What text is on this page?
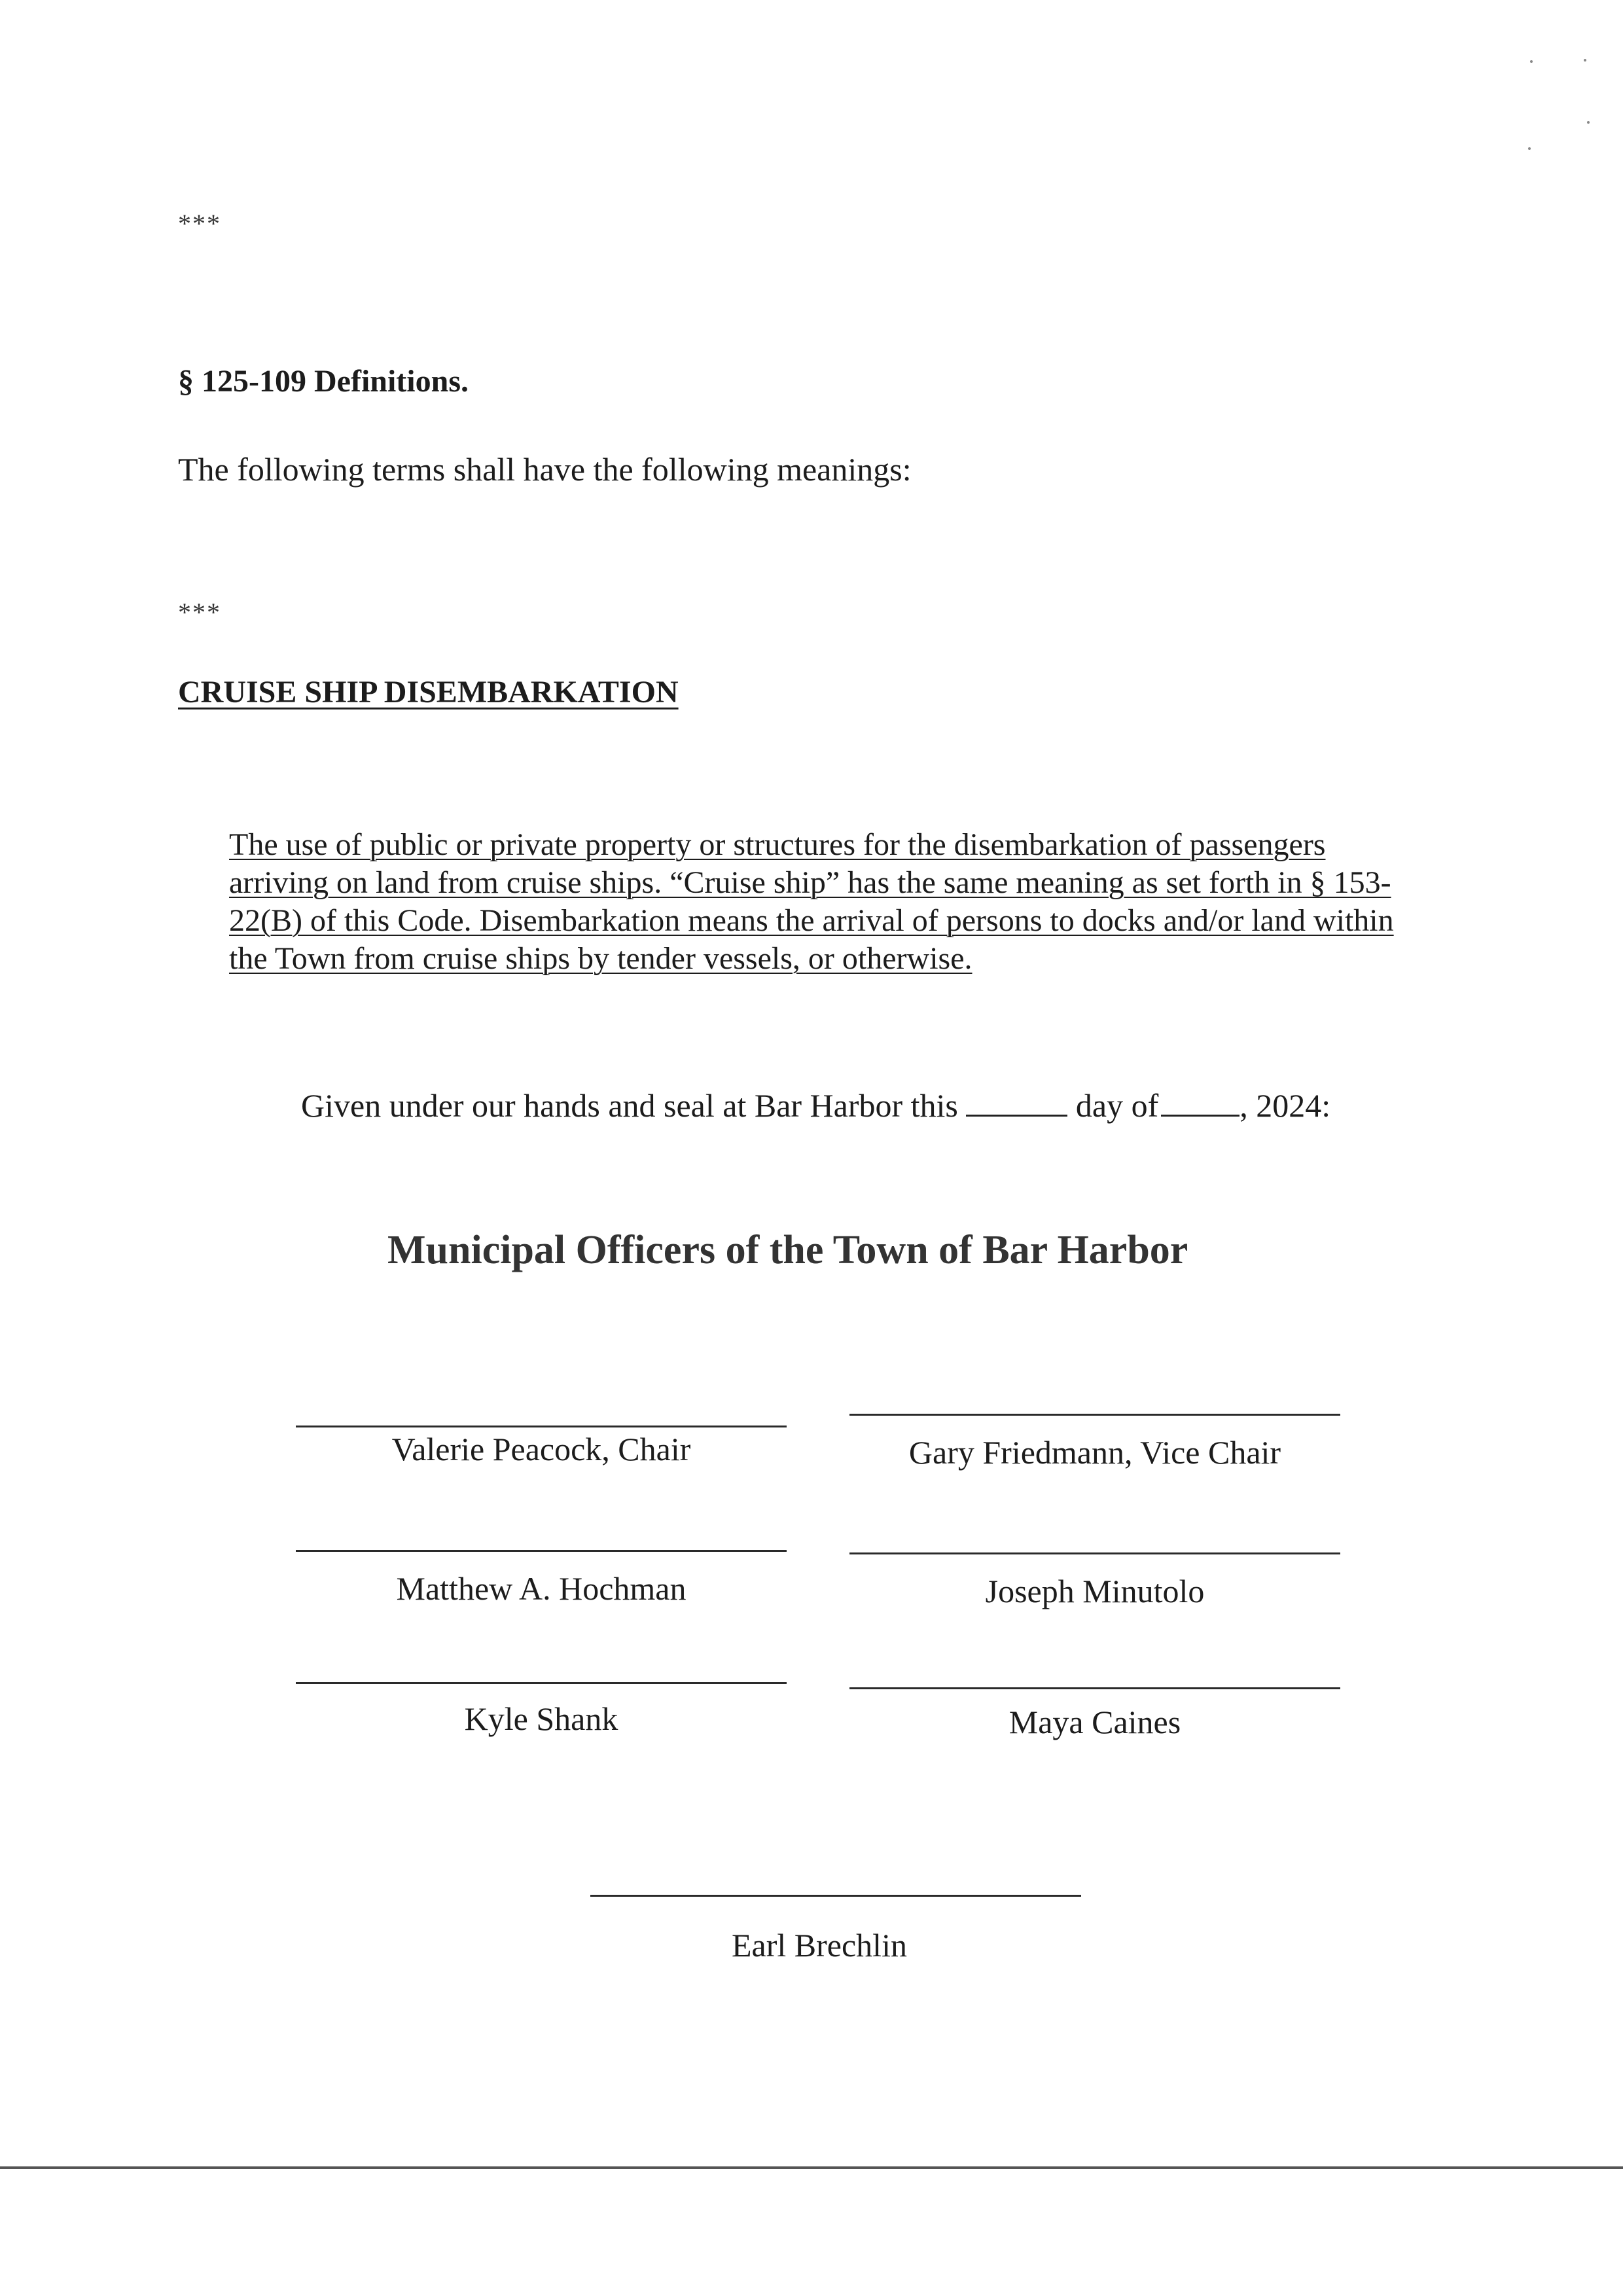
***
§ 125-109 Definitions.
The following terms shall have the following meanings:
***
CRUISE SHIP DISEMBARKATION
The use of public or private property or structures for the disembarkation of passengers
arriving on land from cruise ships. “Cruise ship” has the same meaning as set forth in § 153-
22(B) of this Code. Disembarkation means the arrival of persons to docks and/or land within
the Town from cruise ships by tender vessels, or otherwise.
Given under our hands and seal at Bar Harbor this	day of , 2024:
Municipal Officers of the Town of Bar Harbor
Valerie Peacock, Chair	Gary Friedmann, Vice Chair
Matthew A. Hochman	Joseph Minutolo
Kyle Shank	Maya Caines
Earl Brechlin
